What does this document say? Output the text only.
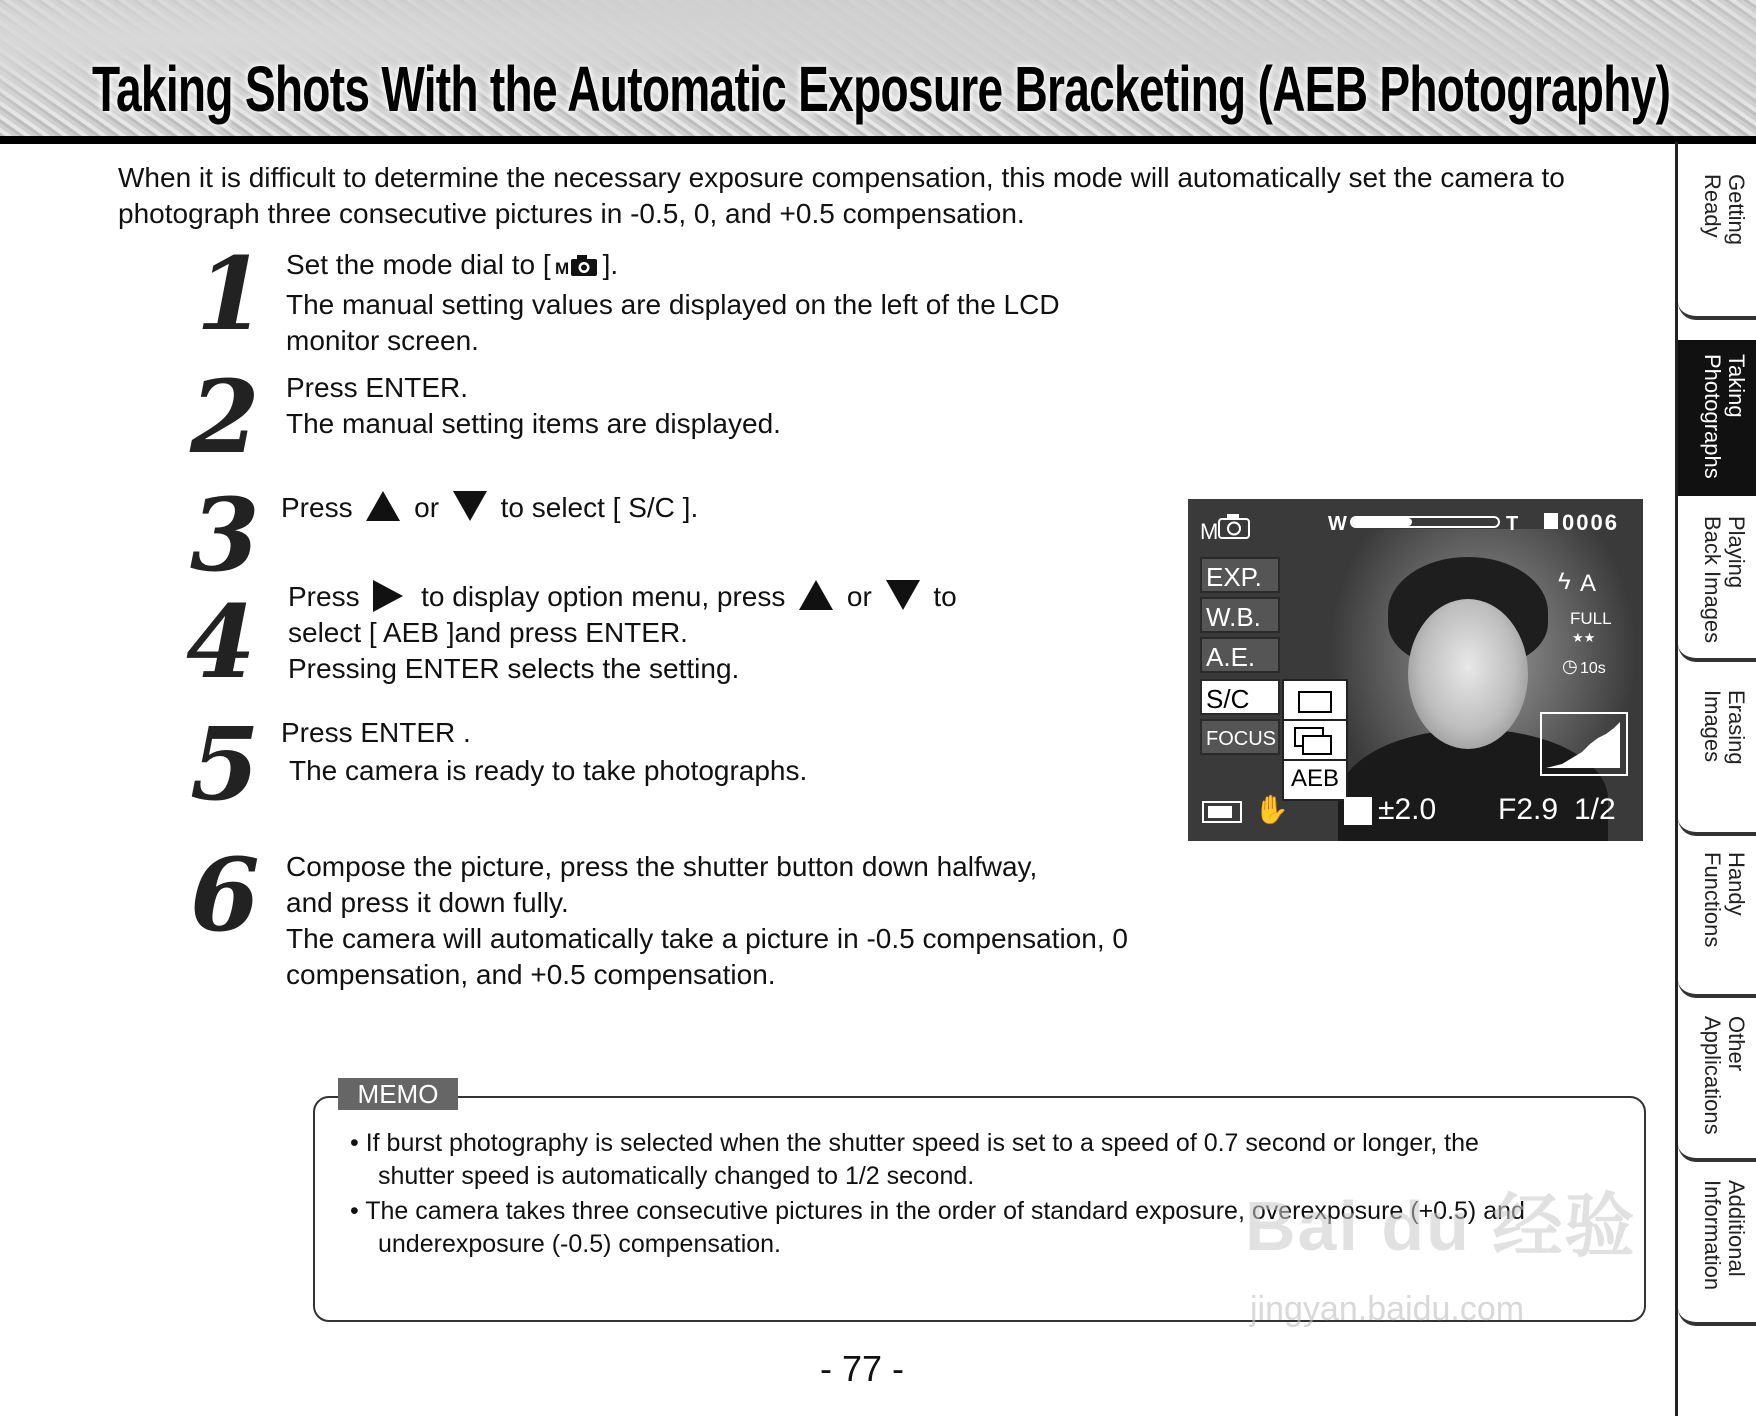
Taking Shots With the Automatic Exposure Bracketing (AEB Photography)
When it is difficult to determine the necessary exposure compensation, this mode will automatically set the camera to photograph three consecutive pictures in -0.5, 0, and +0.5 compensation.
1 Set the mode dial to [ M ].
The manual setting values are displayed on the left of the LCD
monitor screen.
2 Press ENTER.
The manual setting items are displayed.
3 Press or to select [ S/C ].
4 Press to display option menu, press or to
select [ AEB ]and press ENTER.
Pressing ENTER selects the setting.
5 Press ENTER .
The camera is ready to take photographs.
6 Compose the picture, press the shutter button down halfway,
and press it down fully.
The camera will automatically take a picture in -0.5 compensation, 0
compensation, and +0.5 compensation.
M	W	T 0006
EXP.
W.B.
A.E.
S/C
FOCUS
AEB
ϟ A
FULL
★★
10s
◷
✋	±2.0 F2.9 1/2
MEMO
• If burst photography is selected when the shutter speed is set to a speed of 0.7 second or longer, the
shutter speed is automatically changed to 1/2 second.
• The camera takes three consecutive pictures in the order of standard exposure, overexposure (+0.5) and
underexposure (-0.5) compensation.	Bai du 经验
jingyan.baidu.com
- 77 -
Getting
Ready
Taking
Photographs
Playing
Back Images
Erasing
Images
Handy
Functions
Other
Applications
Additional
Information
